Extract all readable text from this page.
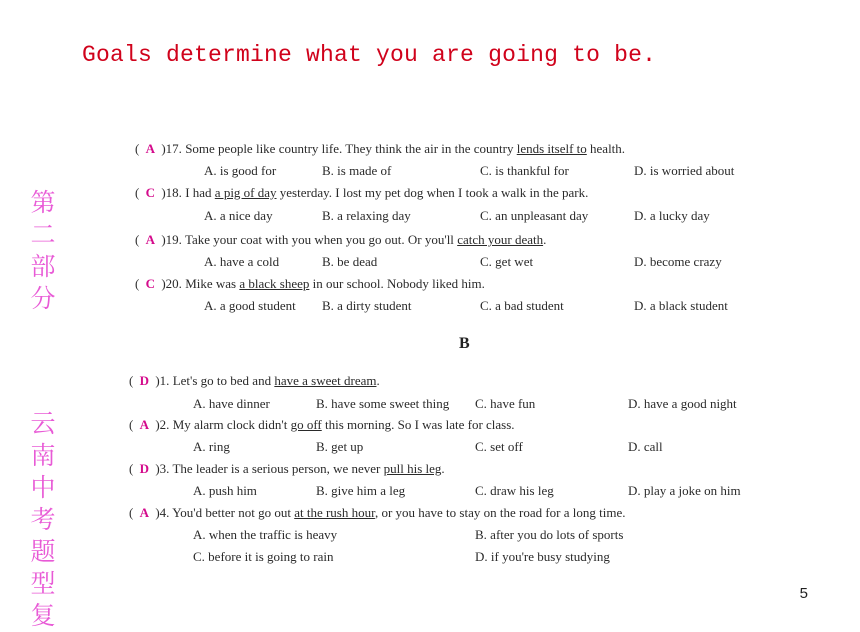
Goals determine what you are going to be.
第二部分
云南中考题型复
( A )17. Some people like country life. They think the air in the country lends itself to health.
A. is good for	B. is made of	C. is thankful for	D. is worried about
( C )18. I had a pig of day yesterday. I lost my pet dog when I took a walk in the park.
A. a nice day	B. a relaxing day	C. an unpleasant day	D. a lucky day
( A )19. Take your coat with you when you go out. Or you'll catch your death.
A. have a cold	B. be dead	C. get wet	D. become crazy
( C )20. Mike was a black sheep in our school. Nobody liked him.
A. a good student B. a dirty student	C. a bad student	D. a black student
B
( D )1. Let's go to bed and have a sweet dream.
A. have dinner	B. have some sweet thing C. have fun	D. have a good night
( A )2. My alarm clock didn't go off this morning. So I was late for class.
A. ring	B. get up	C. set off	D. call
( D )3. The leader is a serious person, we never pull his leg.
A. push him	B. give him a leg	C. draw his leg	D. play a joke on him
( A )4. You'd better not go out at the rush hour, or you have to stay on the road for a long time.
A. when the traffic is heavy	B. after you do lots of sports
C. before it is going to rain	D. if you're busy studying
5
